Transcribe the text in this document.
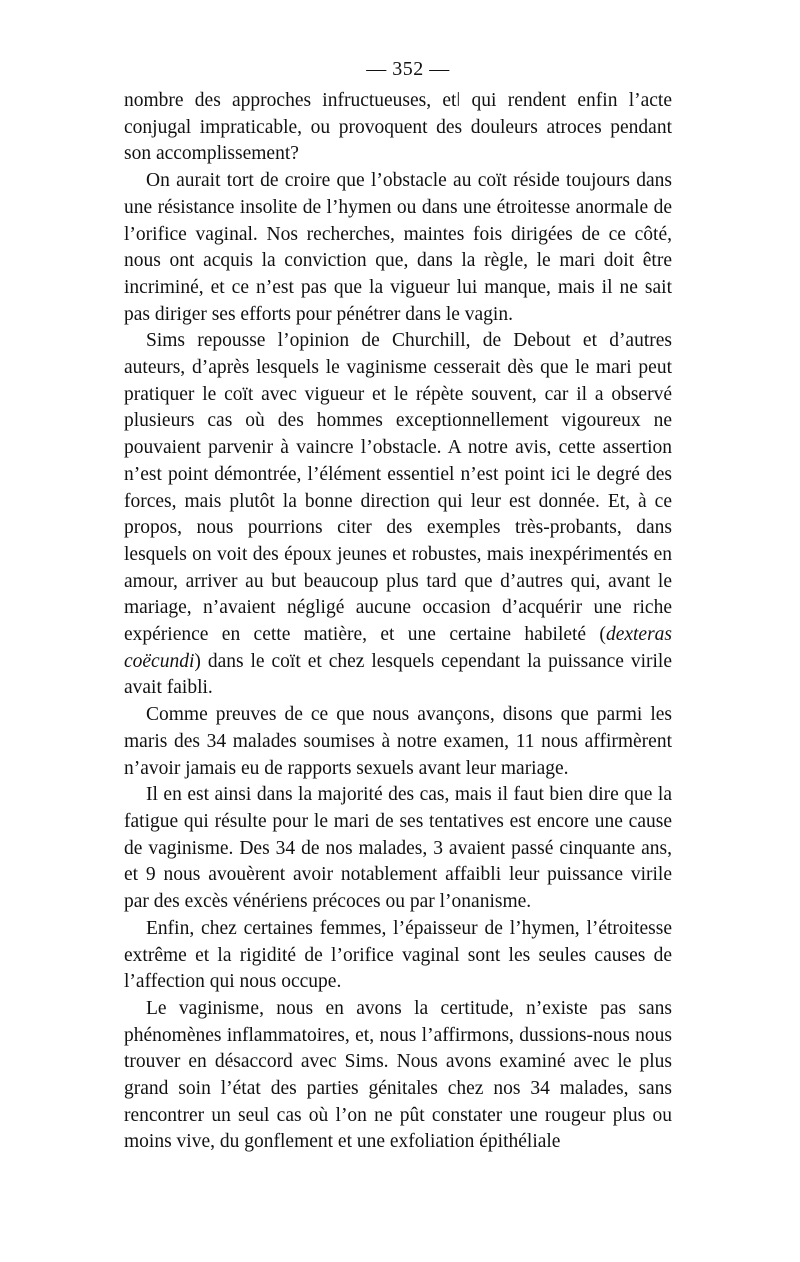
— 352 —

nombre des approches infructueuses, etǀ qui rendent enfin l’acte conjugal impraticable, ou provoquent des douleurs atroces pendant son accomplissement?

On aurait tort de croire que l’obstacle au coït réside toujours dans une résistance insolite de l’hymen ou dans une étroitesse anormale de l’orifice vaginal. Nos recherches, maintes fois dirigées de ce côté, nous ont acquis la conviction que, dans la règle, le mari doit être incriminé, et ce n’est pas que la vigueur lui manque, mais il ne sait pas diriger ses efforts pour pénétrer dans le vagin.

Sims repousse l’opinion de Churchill, de Debout et d’autres auteurs, d’après lesquels le vaginisme cesserait dès que le mari peut pratiquer le coït avec vigueur et le répète souvent, car il a observé plusieurs cas où des hommes exceptionnellement vigoureux ne pouvaient parvenir à vaincre l’obstacle. A notre avis, cette assertion n’est point démontrée, l’élément essentiel n’est point ici le degré des forces, mais plutôt la bonne direction qui leur est donnée. Et, à ce propos, nous pourrions citer des exemples très-probants, dans lesquels on voit des époux jeunes et robustes, mais inexpérimentés en amour, arriver au but beaucoup plus tard que d’autres qui, avant le mariage, n’avaient négligé aucune occasion d’acquérir une riche expérience en cette matière, et une certaine habileté (dexteras coëcundi) dans le coït et chez lesquels cependant la puissance virile avait faibli.

Comme preuves de ce que nous avançons, disons que parmi les maris des 34 malades soumises à notre examen, 11 nous affirmèrent n’avoir jamais eu de rapports sexuels avant leur mariage.

Il en est ainsi dans la majorité des cas, mais il faut bien dire que la fatigue qui résulte pour le mari de ses tentatives est encore une cause de vaginisme. Des 34 de nos malades, 3 avaient passé cinquante ans, et 9 nous avouèrent avoir notablement affaibli leur puissance virile par des excès vénériens précoces ou par l’onanisme.

Enfin, chez certaines femmes, l’épaisseur de l’hymen, l’étroitesse extrême et la rigidité de l’orifice vaginal sont les seules causes de l’affection qui nous occupe.

Le vaginisme, nous en avons la certitude, n’existe pas sans phénomènes inflammatoires, et, nous l’affirmons, dussions-nous nous trouver en désaccord avec Sims. Nous avons examiné avec le plus grand soin l’état des parties génitales chez nos 34 malades, sans rencontrer un seul cas où l’on ne pût constater une rougeur plus ou moins vive, du gonflement et une exfoliation épithéliale
